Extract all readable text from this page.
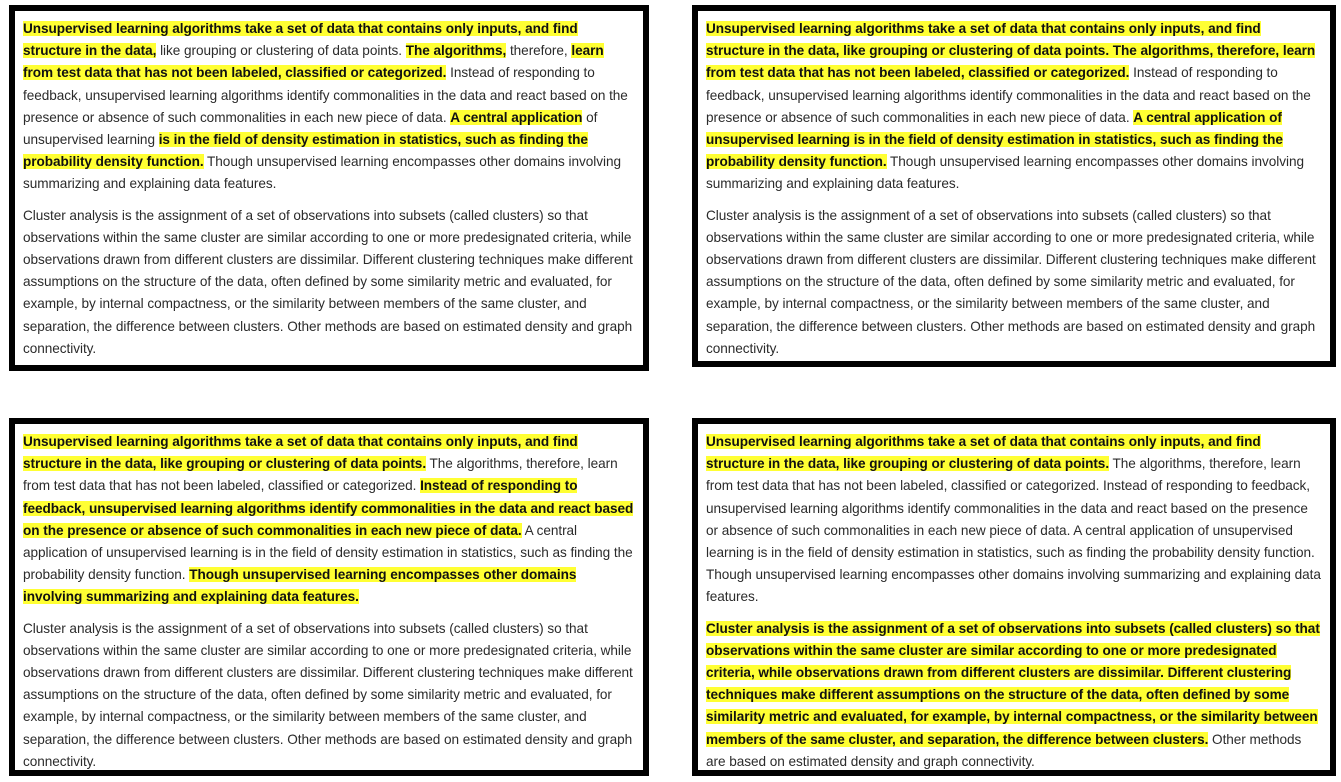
Unsupervised learning algorithms take a set of data that contains only inputs, and find structure in the data, like grouping or clustering of data points. The algorithms, therefore, learn from test data that has not been labeled, classified or categorized. Instead of responding to feedback, unsupervised learning algorithms identify commonalities in the data and react based on the presence or absence of such commonalities in each new piece of data. A central application of unsupervised learning is in the field of density estimation in statistics, such as finding the probability density function. Though unsupervised learning encompasses other domains involving summarizing and explaining data features.

Cluster analysis is the assignment of a set of observations into subsets (called clusters) so that observations within the same cluster are similar according to one or more predesignated criteria, while observations drawn from different clusters are dissimilar. Different clustering techniques make different assumptions on the structure of the data, often defined by some similarity metric and evaluated, for example, by internal compactness, or the similarity between members of the same cluster, and separation, the difference between clusters. Other methods are based on estimated density and graph connectivity.

Unsupervised learning algorithms take a set of data that contains only inputs, and find structure in the data, like grouping or clustering of data points. The algorithms, therefore, learn from test data that has not been labeled, classified or categorized. Instead of responding to feedback, unsupervised learning algorithms identify commonalities in the data and react based on the presence or absence of such commonalities in each new piece of data. A central application of unsupervised learning is in the field of density estimation in statistics, such as finding the probability density function. Though unsupervised learning encompasses other domains involving summarizing and explaining data features.

Cluster analysis is the assignment of a set of observations into subsets (called clusters) so that observations within the same cluster are similar according to one or more predesignated criteria, while observations drawn from different clusters are dissimilar. Different clustering techniques make different assumptions on the structure of the data, often defined by some similarity metric and evaluated, for example, by internal compactness, or the similarity between members of the same cluster, and separation, the difference between clusters. Other methods are based on estimated density and graph connectivity.

Unsupervised learning algorithms take a set of data that contains only inputs, and find structure in the data, like grouping or clustering of data points. The algorithms, therefore, learn from test data that has not been labeled, classified or categorized. Instead of responding to feedback, unsupervised learning algorithms identify commonalities in the data and react based on the presence or absence of such commonalities in each new piece of data. A central application of unsupervised learning is in the field of density estimation in statistics, such as finding the probability density function. Though unsupervised learning encompasses other domains involving summarizing and explaining data features.

Cluster analysis is the assignment of a set of observations into subsets (called clusters) so that observations within the same cluster are similar according to one or more predesignated criteria, while observations drawn from different clusters are dissimilar. Different clustering techniques make different assumptions on the structure of the data, often defined by some similarity metric and evaluated, for example, by internal compactness, or the similarity between members of the same cluster, and separation, the difference between clusters. Other methods are based on estimated density and graph connectivity.

Unsupervised learning algorithms take a set of data that contains only inputs, and find structure in the data, like grouping or clustering of data points. The algorithms, therefore, learn from test data that has not been labeled, classified or categorized. Instead of responding to feedback, unsupervised learning algorithms identify commonalities in the data and react based on the presence or absence of such commonalities in each new piece of data. A central application of unsupervised learning is in the field of density estimation in statistics, such as finding the probability density function. Though unsupervised learning encompasses other domains involving summarizing and explaining data features.

Cluster analysis is the assignment of a set of observations into subsets (called clusters) so that observations within the same cluster are similar according to one or more predesignated criteria, while observations drawn from different clusters are dissimilar. Different clustering techniques make different assumptions on the structure of the data, often defined by some similarity metric and evaluated, for example, by internal compactness, or the similarity between members of the same cluster, and separation, the difference between clusters. Other methods are based on estimated density and graph connectivity.
